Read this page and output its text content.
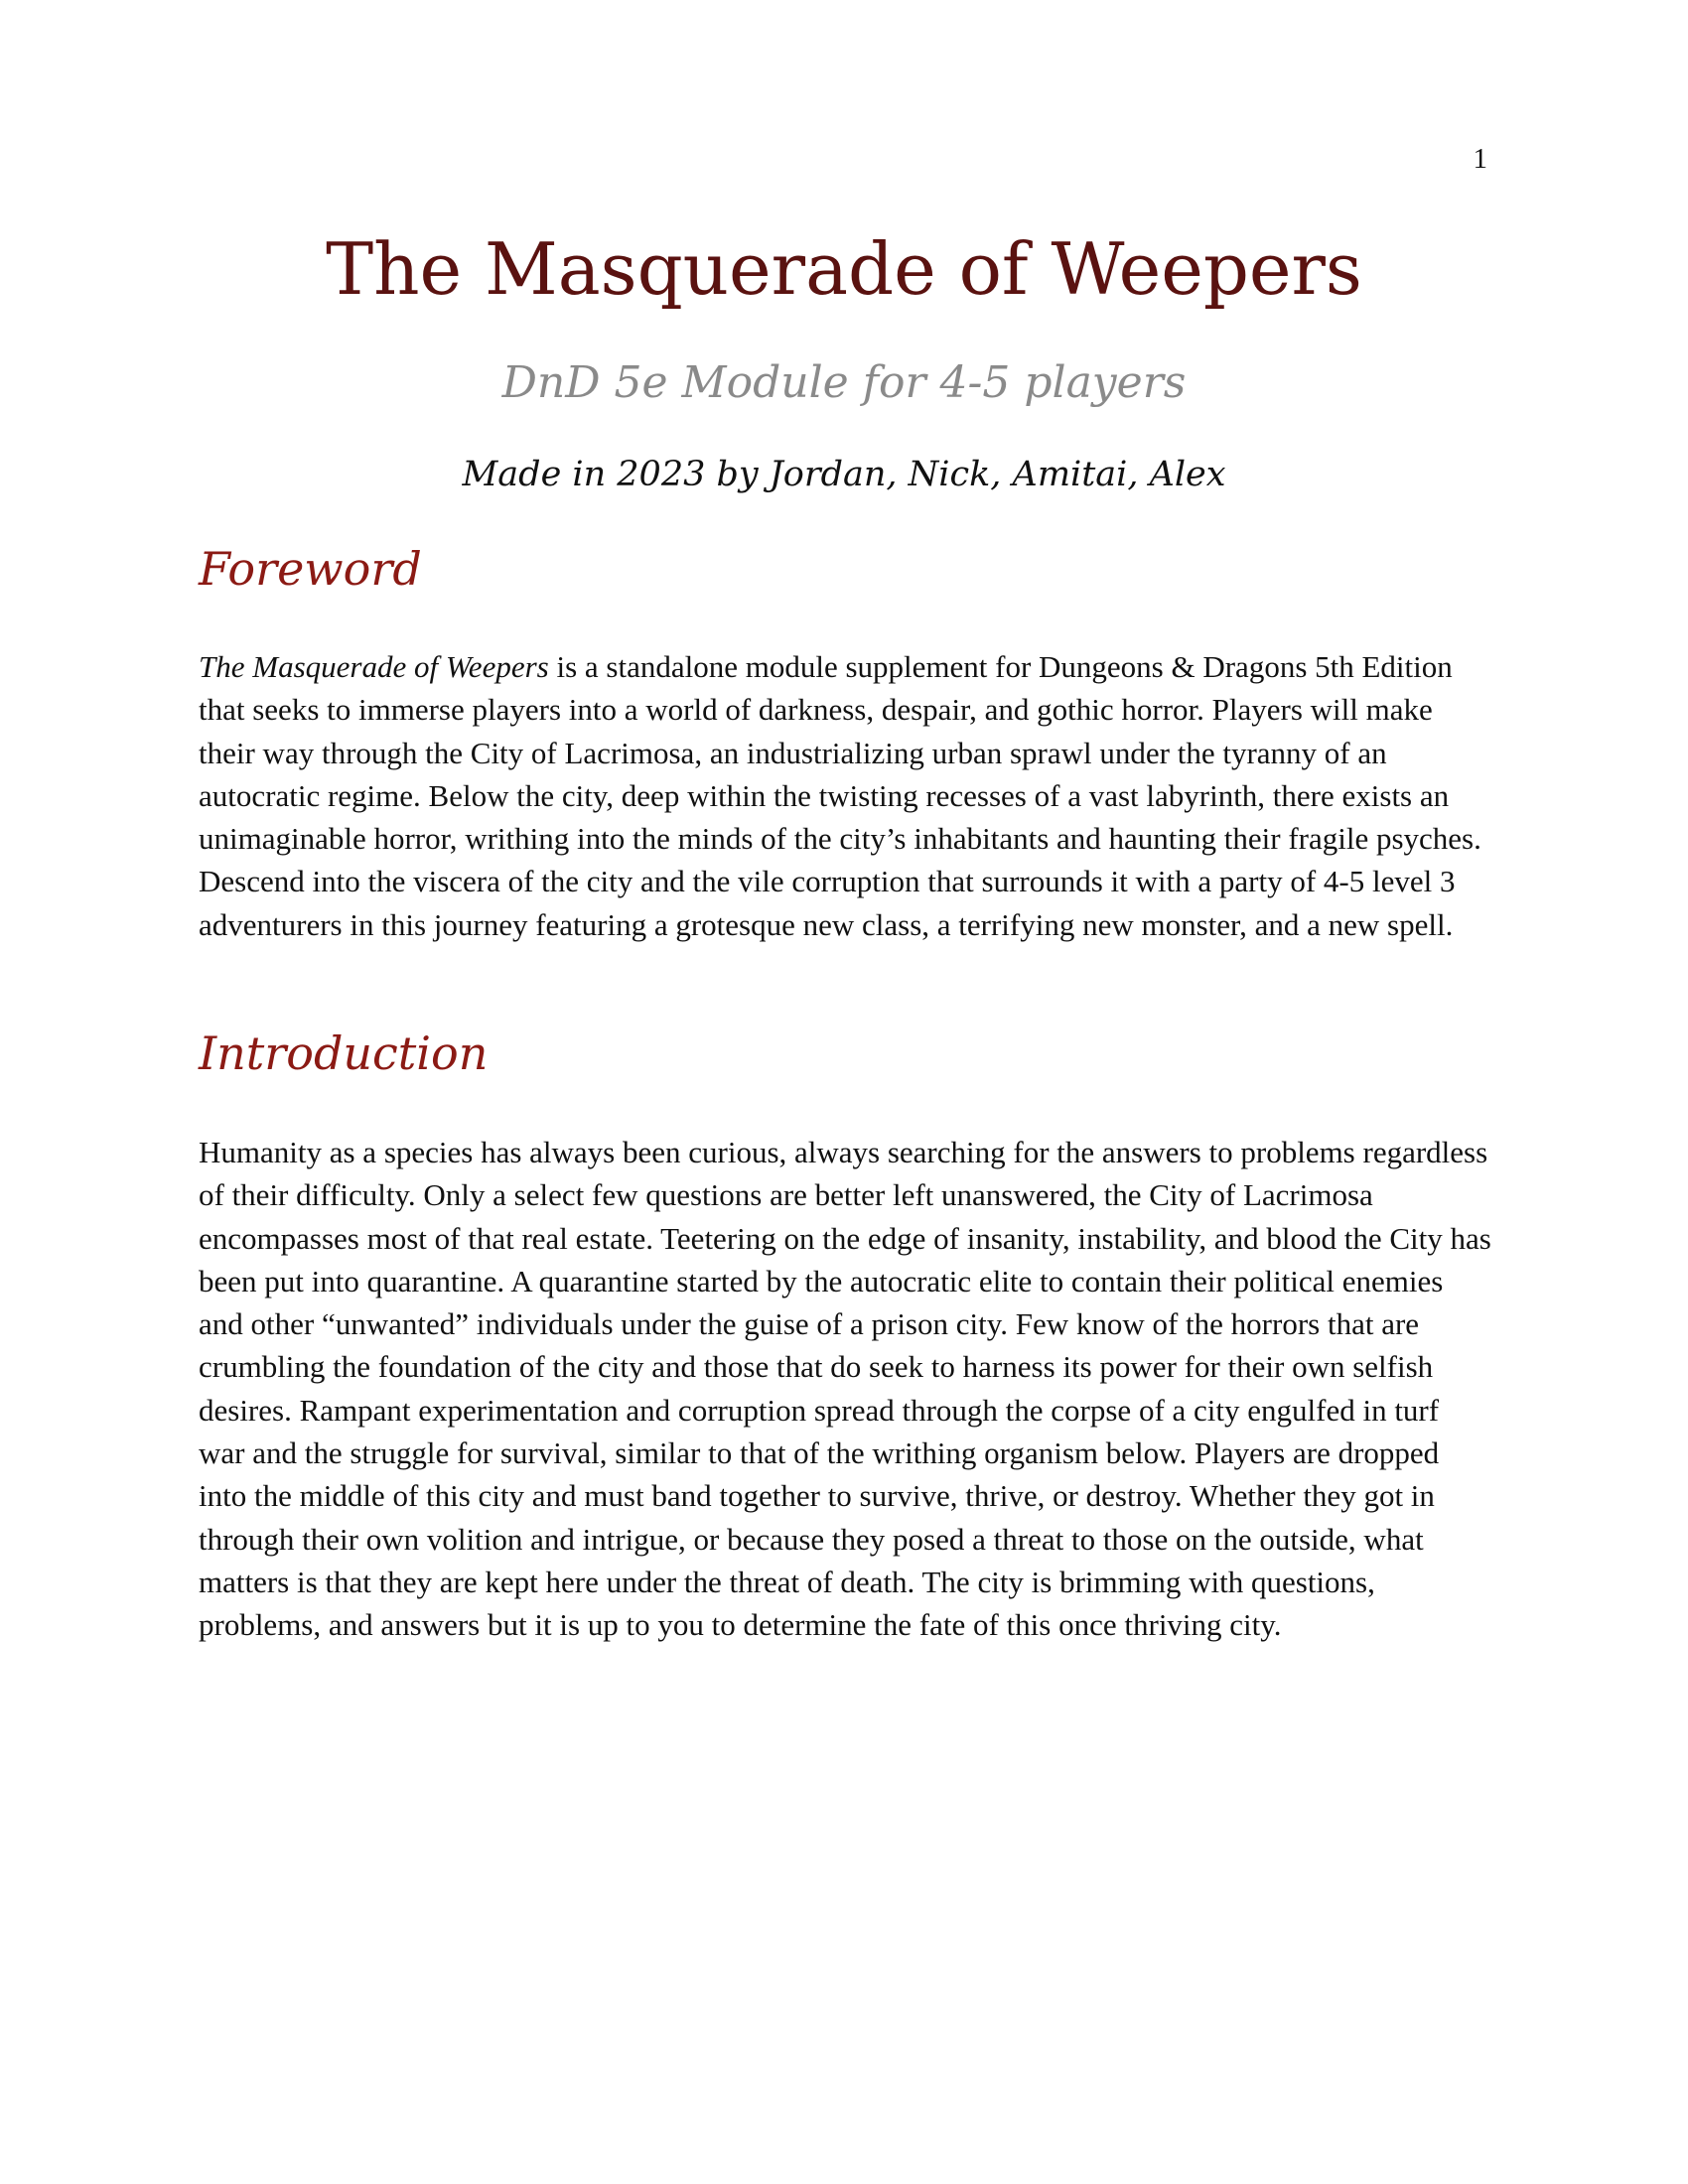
1
The Masquerade of Weepers
DnD 5e Module for 4-5 players
Made in 2023 by Jordan, Nick, Amitai, Alex
Foreword

The Masquerade of Weepers is a standalone module supplement for Dungeons & Dragons 5th Edition that seeks to immerse players into a world of darkness, despair, and gothic horror. Players will make their way through the City of Lacrimosa, an industrializing urban sprawl under the tyranny of an autocratic regime. Below the city, deep within the twisting recesses of a vast labyrinth, there exists an unimaginable horror, writhing into the minds of the city’s inhabitants and haunting their fragile psyches. Descend into the viscera of the city and the vile corruption that surrounds it with a party of 4-5 level 3 adventurers in this journey featuring a grotesque new class, a terrifying new monster, and a new spell.

Introduction

Humanity as a species has always been curious, always searching for the answers to problems regardless of their difficulty. Only a select few questions are better left unanswered, the City of Lacrimosa encompasses most of that real estate. Teetering on the edge of insanity, instability, and blood the City has been put into quarantine. A quarantine started by the autocratic elite to contain their political enemies and other “unwanted” individuals under the guise of a prison city. Few know of the horrors that are crumbling the foundation of the city and those that do seek to harness its power for their own selfish desires. Rampant experimentation and corruption spread through the corpse of a city engulfed in turf war and the struggle for survival, similar to that of the writhing organism below. Players are dropped into the middle of this city and must band together to survive, thrive, or destroy. Whether they got in through their own volition and intrigue, or because they posed a threat to those on the outside, what matters is that they are kept here under the threat of death. The city is brimming with questions, problems, and answers but it is up to you to determine the fate of this once thriving city.
